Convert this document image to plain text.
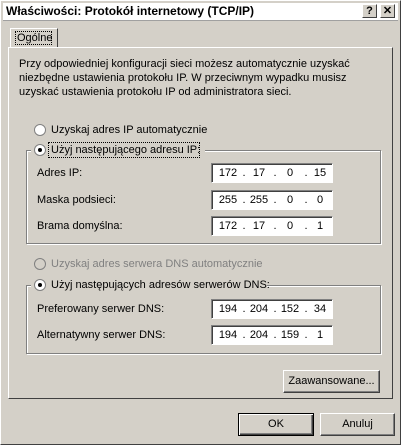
Właściwości: Protokół internetowy (TCP/IP)	? ✕
Ogólne
Przy odpowiedniej konfiguracji sieci możesz automatycznie uzyskać niezbędne ustawienia protokołu IP. W przeciwnym wypadku musisz uzyskać ustawienia protokołu IP od administratora sieci.
Uzyskaj adres IP automatycznie
Użyj następującego adresu IP:
Adres IP:	172 . 17 . 0	. 15
Maska podsieci:	255 . 255 . 0	. 0
Brama domyślna:	172 . 17 . 0	. 1
Uzyskaj adres serwera DNS automatycznie
Użyj następujących adresów serwerów DNS:
Preferowany serwer DNS:	194 . 204 . 152 . 34
Alternatywny serwer DNS:	194 . 204 . 159 . 1
Zaawansowane...
OK	Anuluj
